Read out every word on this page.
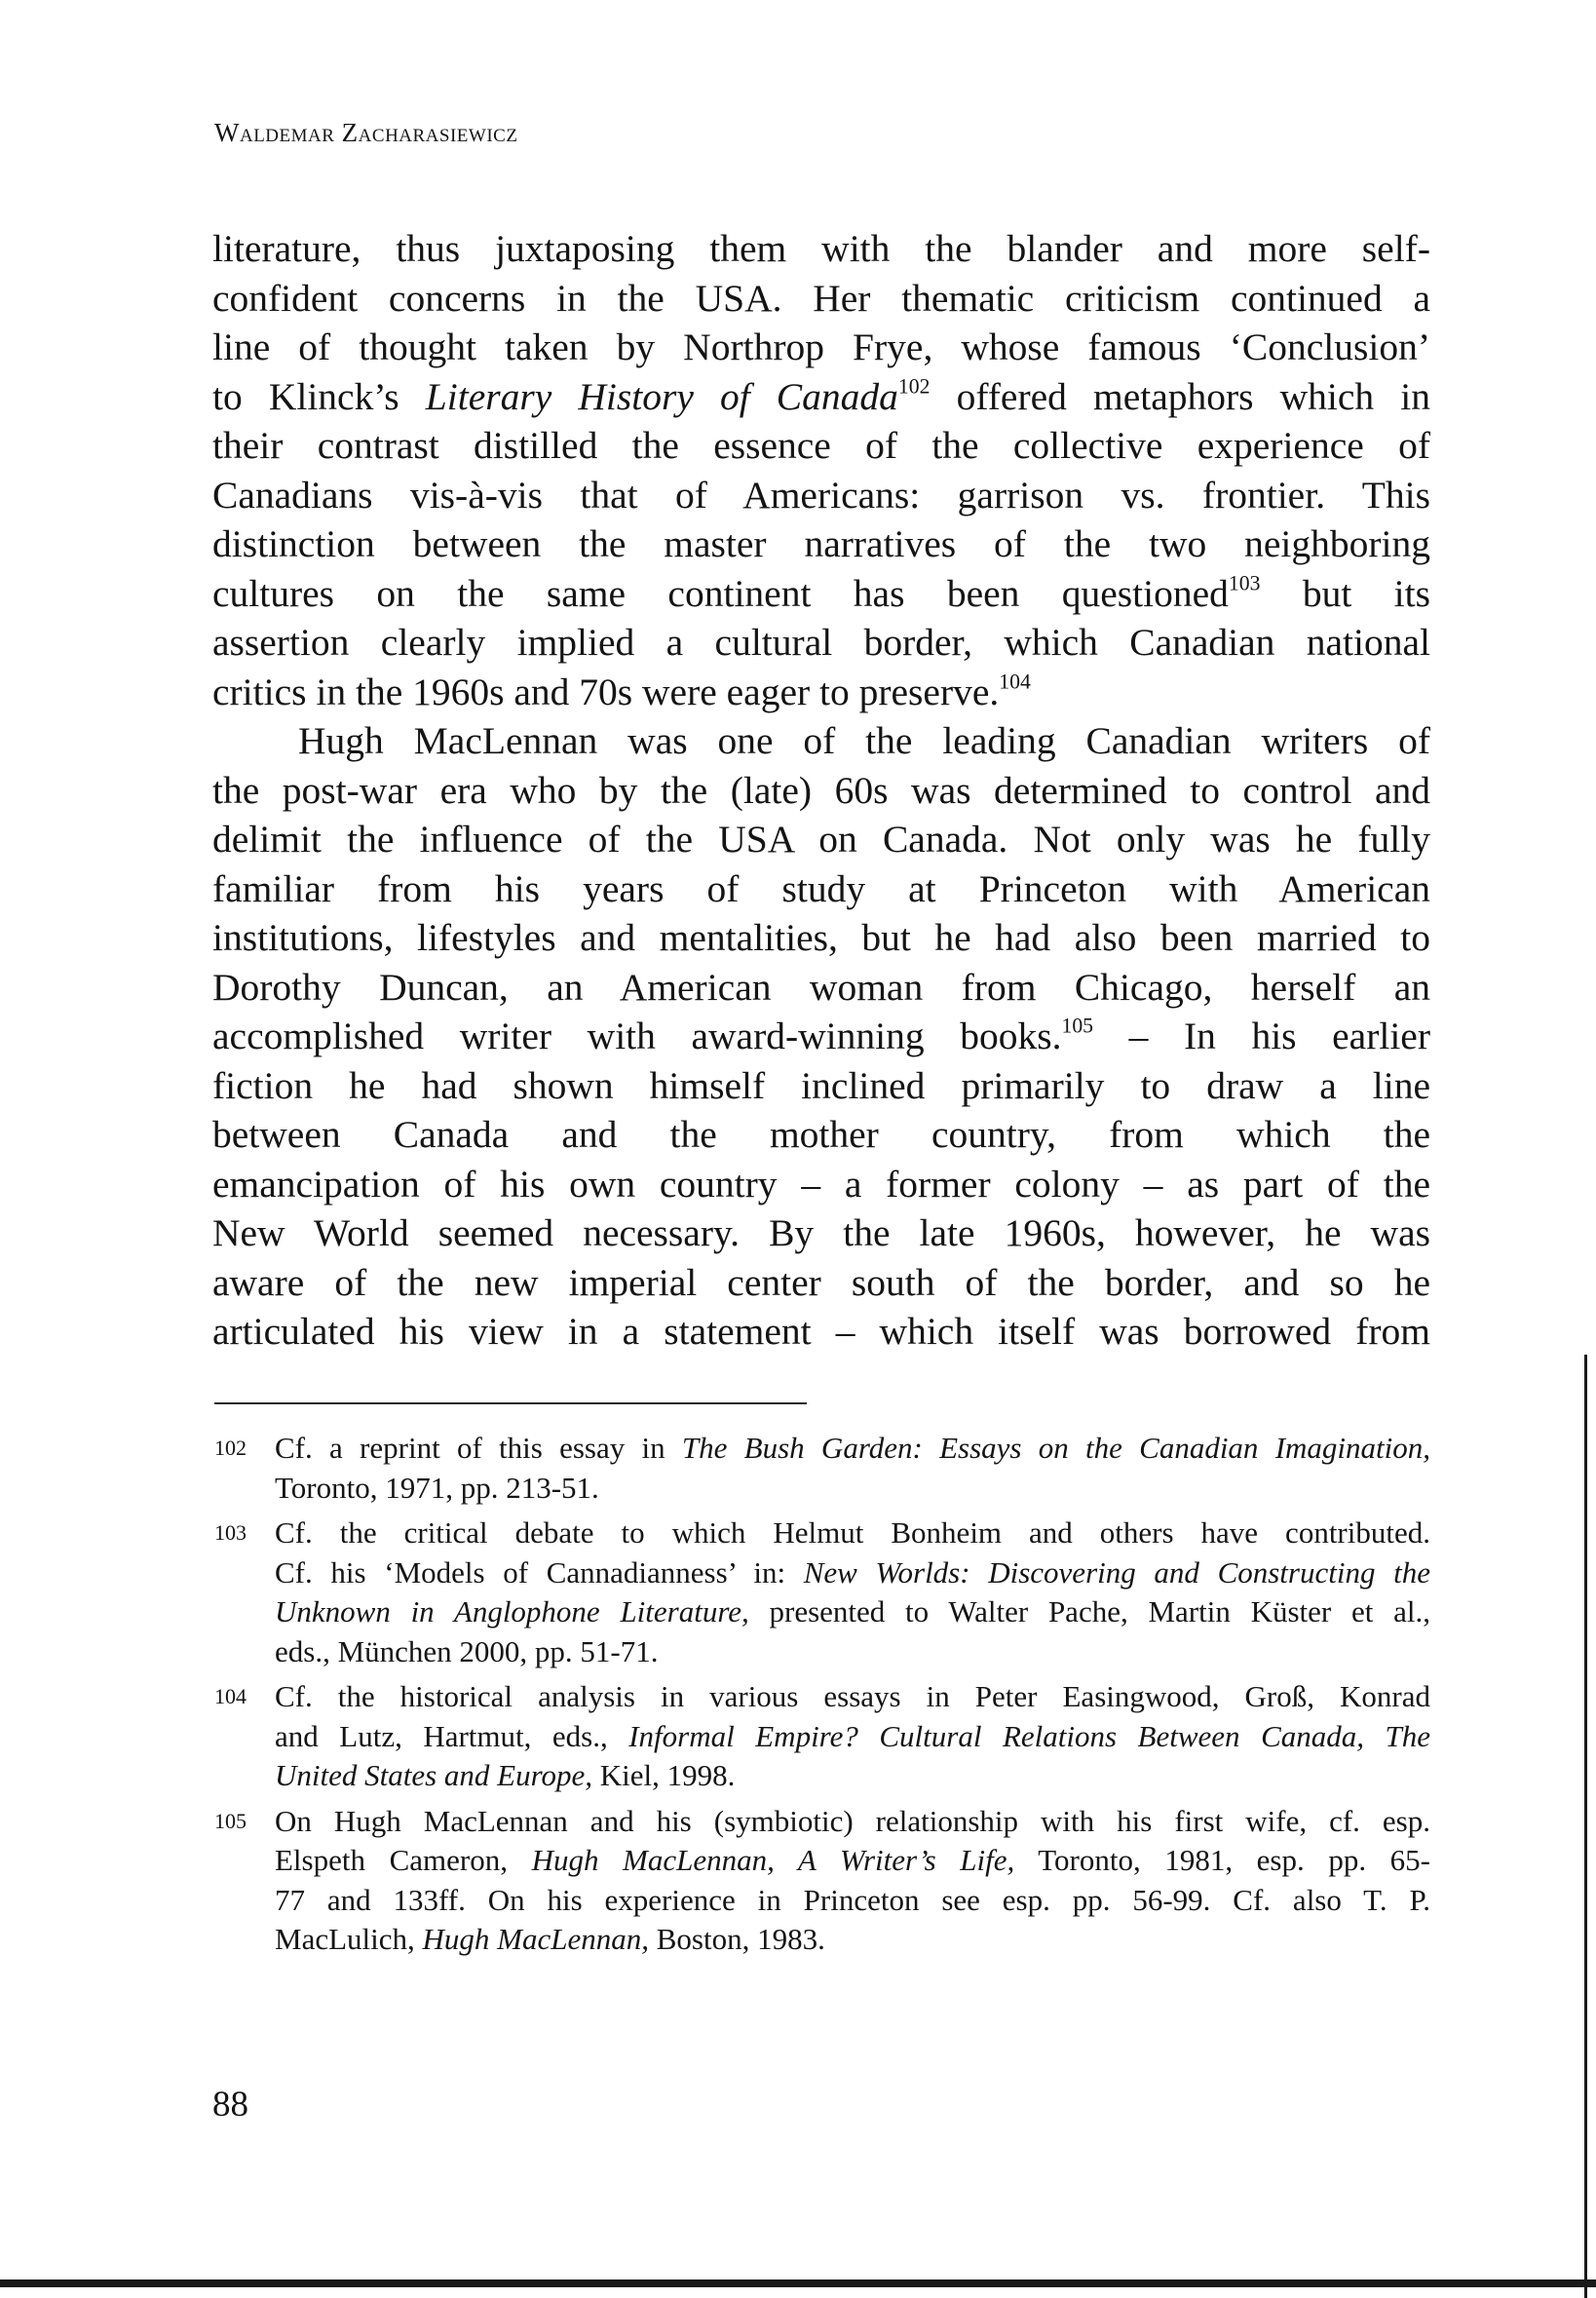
Waldemar Zacharasiewicz
literature, thus juxtaposing them with the blander and more self-
confident concerns in the USA. Her thematic criticism continued a
line of thought taken by Northrop Frye, whose famous ‘Conclusion’
to Klinck’s Literary History of Canada$^{102}$ offered metaphors which in
their contrast distilled the essence of the collective experience of
Canadians vis-à-vis that of Americans: garrison vs. frontier. This
distinction between the master narratives of the two neighboring
cultures on the same continent has been questioned$^{103}$ but its
assertion clearly implied a cultural border, which Canadian national
critics in the 1960s and 70s were eager to preserve.$^{104}$
Hugh MacLennan was one of the leading Canadian writers of
the post-war era who by the (late) 60s was determined to control and
delimit the influence of the USA on Canada. Not only was he fully
familiar from his years of study at Princeton with American
institutions, lifestyles and mentalities, but he had also been married to
Dorothy Duncan, an American woman from Chicago, herself an
accomplished writer with award-winning books.$^{105}$ – In his earlier
fiction he had shown himself inclined primarily to draw a line
between Canada and the mother country, from which the
emancipation of his own country – a former colony – as part of the
New World seemed necessary. By the late 1960s, however, he was
aware of the new imperial center south of the border, and so he
articulated his view in a statement – which itself was borrowed from
102 Cf. a reprint of this essay in The Bush Garden: Essays on the Canadian Imagination,
Toronto, 1971, pp. 213-51.
103 Cf. the critical debate to which Helmut Bonheim and others have contributed.
Cf. his ‘Models of Cannadianness’ in: New Worlds: Discovering and Constructing the
Unknown in Anglophone Literature, presented to Walter Pache, Martin Küster et al.,
eds., München 2000, pp. 51-71.
104 Cf. the historical analysis in various essays in Peter Easingwood, Groß, Konrad
and Lutz, Hartmut, eds., Informal Empire? Cultural Relations Between Canada, The
United States and Europe, Kiel, 1998.
105 On Hugh MacLennan and his (symbiotic) relationship with his first wife, cf. esp.
Elspeth Cameron, Hugh MacLennan, A Writer’s Life, Toronto, 1981, esp. pp. 65-
77 and 133ff. On his experience in Princeton see esp. pp. 56-99. Cf. also T. P.
MacLulich, Hugh MacLennan, Boston, 1983.
88
